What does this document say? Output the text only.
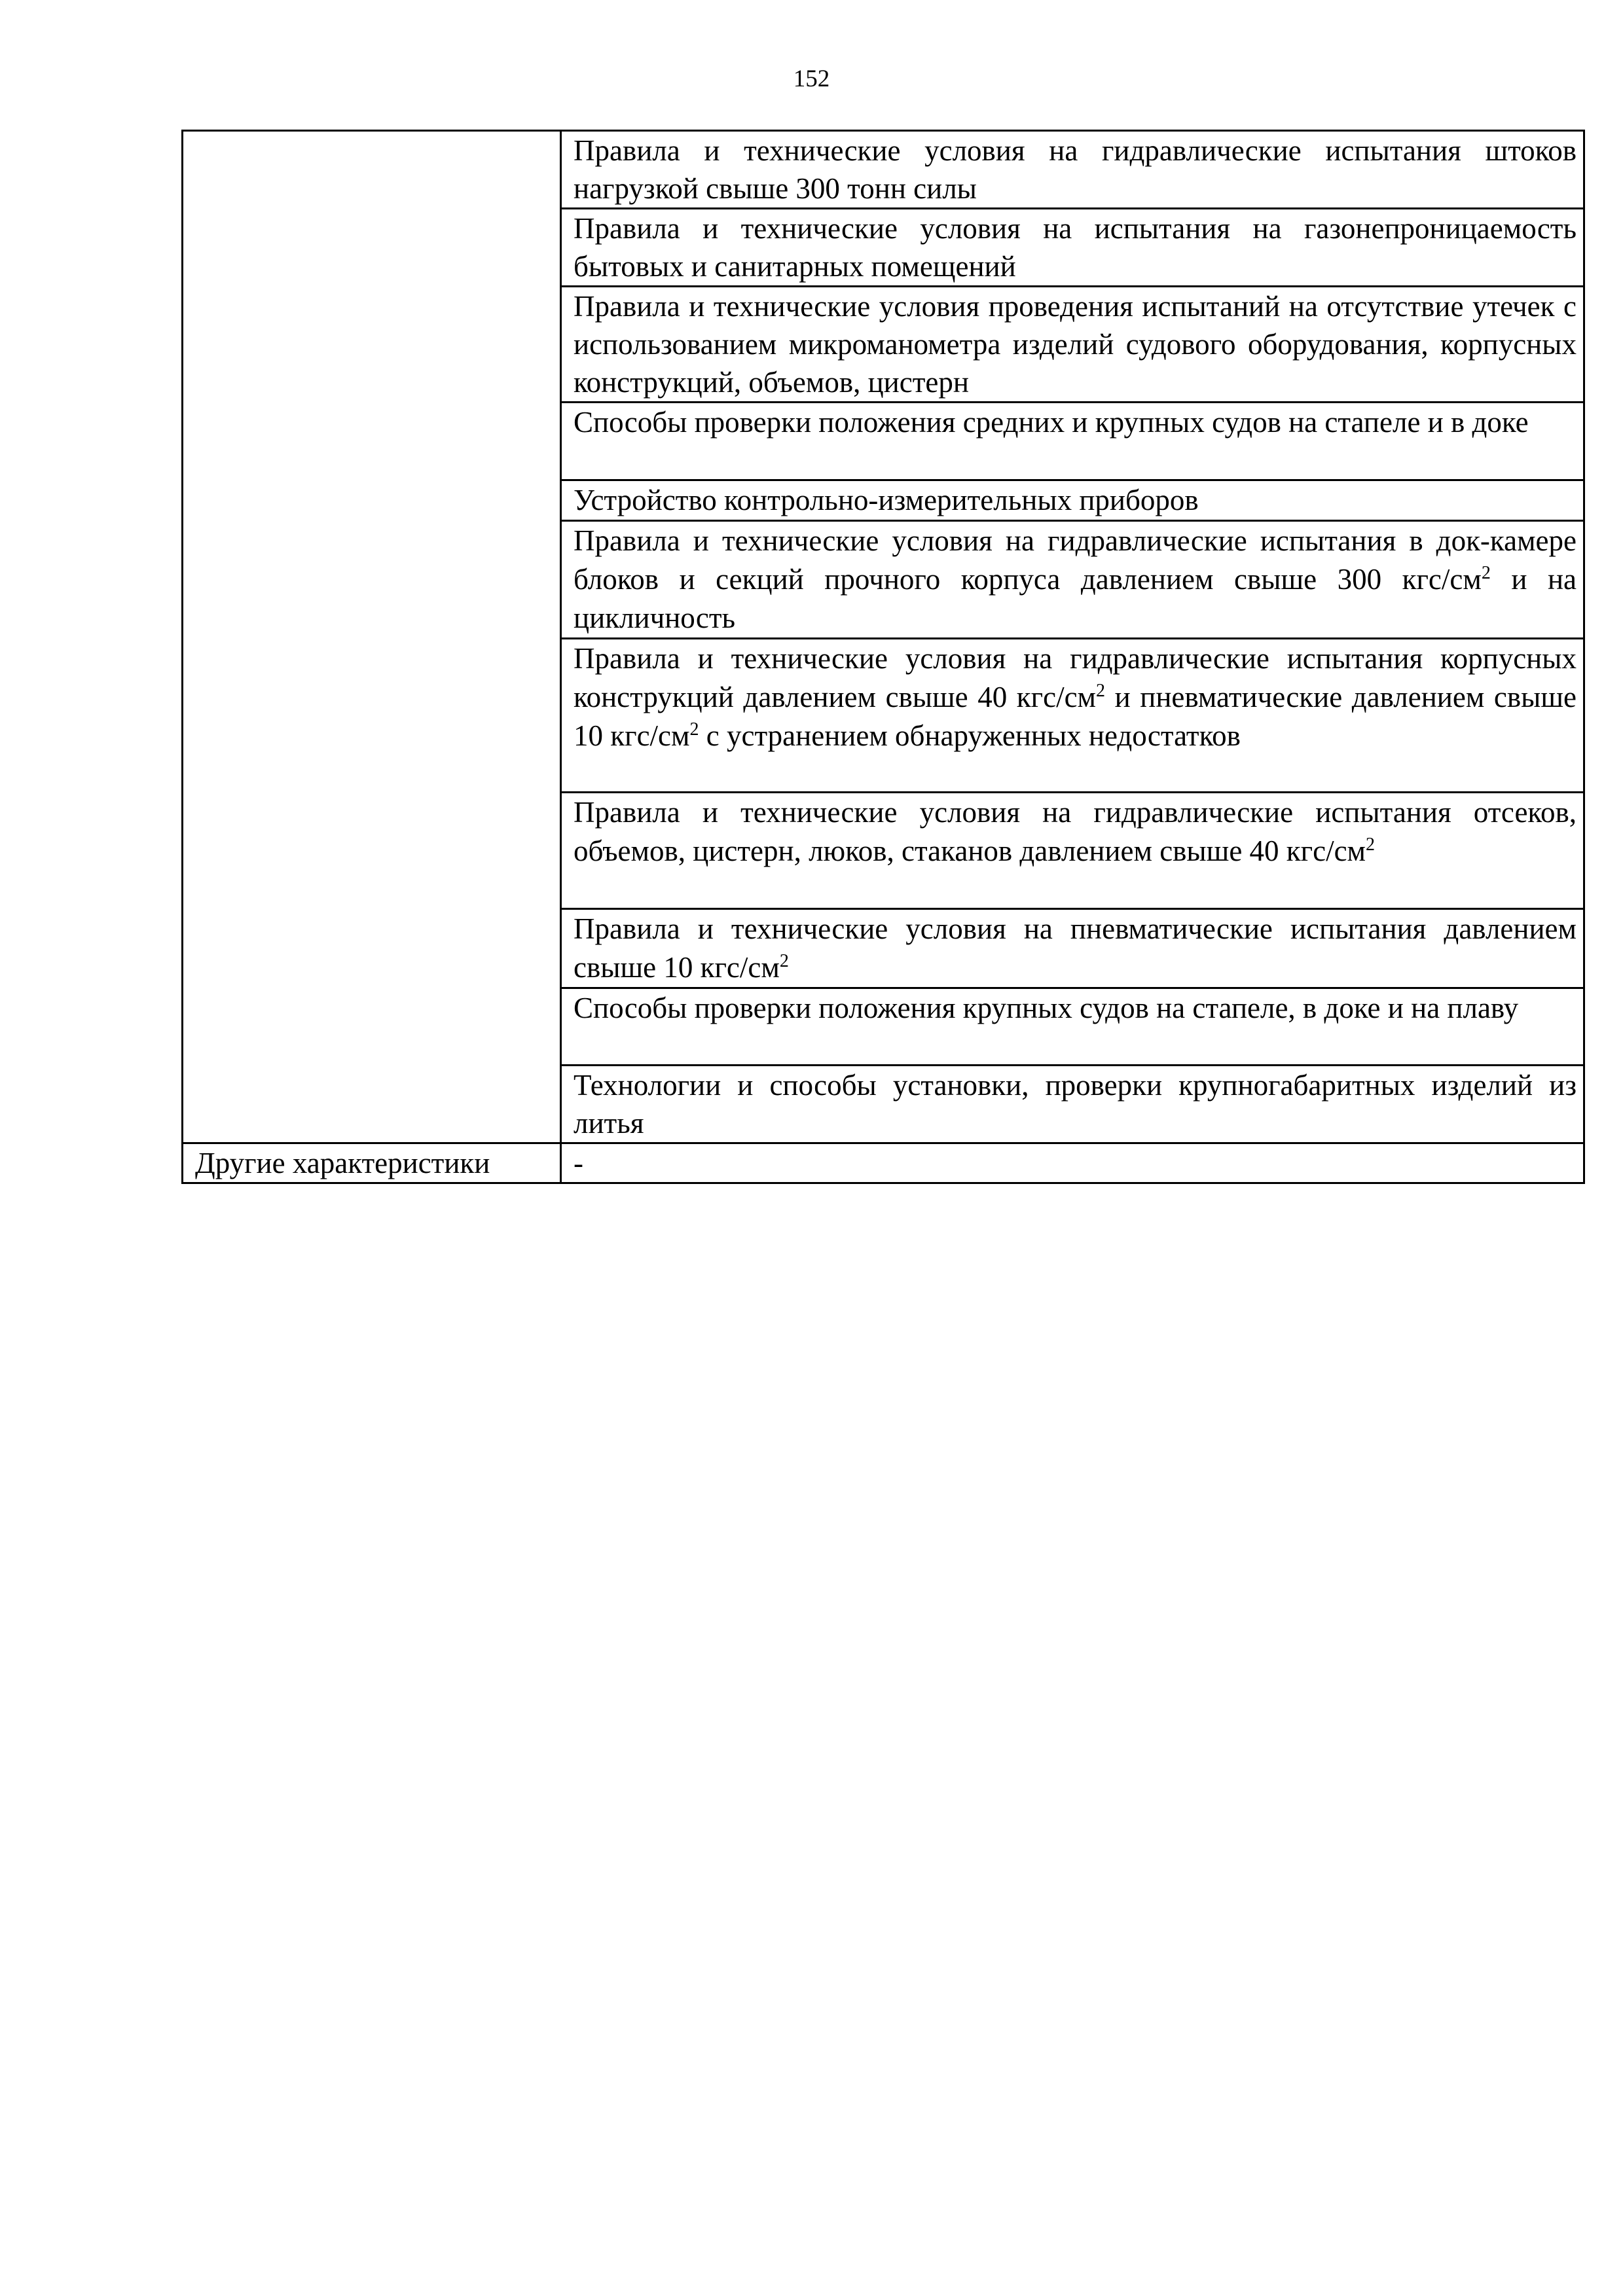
152
	Правила и технические условия на гидравлические испытания штоков нагрузкой свыше 300 тонн силы
	Правила и технические условия на испытания на газонепроницаемость бытовых и санитарных помещений
	Правила и технические условия проведения испытаний на отсутствие утечек с использованием микроманометра изделий судового оборудования, корпусных конструкций, объемов, цистерн
	Способы проверки положения средних и крупных судов на стапеле и в доке
	Устройство контрольно-измерительных приборов
	Правила и технические условия на гидравлические испытания в док-камере блоков и секций прочного корпуса давлением свыше 300 кгс/$см^2$ и на цикличность
	Правила и технические условия на гидравлические испытания корпусных конструкций давлением свыше 40 кгс/$см^2$ и пневматические давлением свыше 10 кгс/$см^2$ с устранением обнаруженных недостатков
	Правила и технические условия на гидравлические испытания отсеков, объемов, цистерн, люков, стаканов давлением свыше 40 кгс/$см^2$
	Правила и технические условия на пневматические испытания давлением свыше 10 кгс/$см^2$
	Способы проверки положения крупных судов на стапеле, в доке и на плаву
	Технологии и способы установки, проверки крупногабаритных изделий из литья
Другие характеристики	-
